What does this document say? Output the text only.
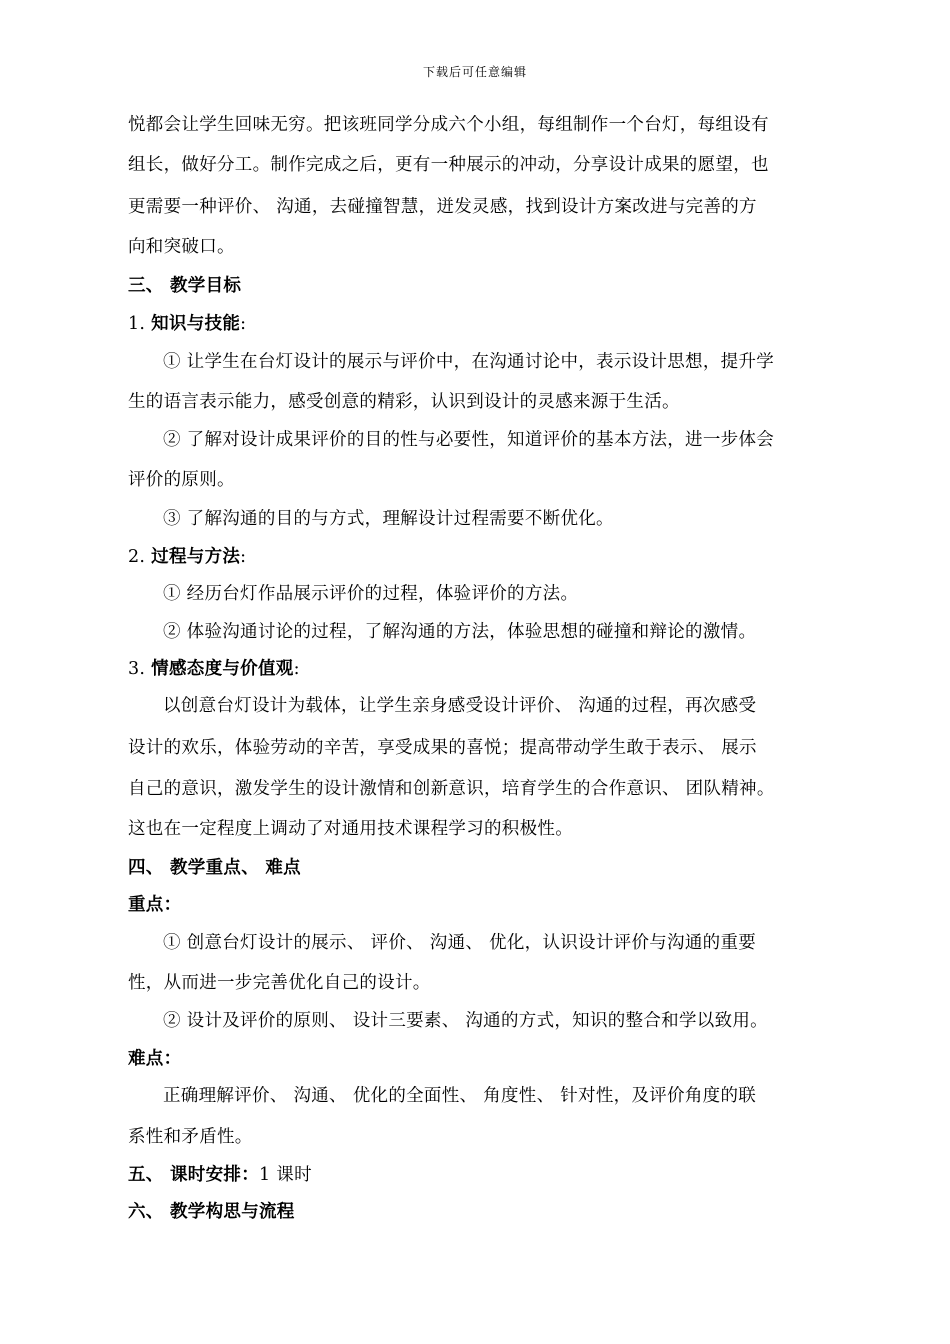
下载后可任意编辑
悦都会让学生回味无穷。把该班同学分成六个小组，每组制作一个台灯，每组设有
组长，做好分工。制作完成之后，更有一种展示的冲动，分享设计成果的愿望，也
更需要一种评价、 沟通，去碰撞智慧，迸发灵感，找到设计方案改进与完善的方
向和突破口。
三、 教学目标
1. 知识与技能:
① 让学生在台灯设计的展示与评价中，在沟通讨论中，表示设计思想，提升学
生的语言表示能力，感受创意的精彩，认识到设计的灵感来源于生活。
② 了解对设计成果评价的目的性与必要性，知道评价的基本方法，进一步体会
评价的原则。
③ 了解沟通的目的与方式，理解设计过程需要不断优化。
2. 过程与方法:
① 经历台灯作品展示评价的过程，体验评价的方法。
② 体验沟通讨论的过程，了解沟通的方法，体验思想的碰撞和辩论的激情。
3. 情感态度与价值观:
以创意台灯设计为载体，让学生亲身感受设计评价、 沟通的过程，再次感受
设计的欢乐，体验劳动的辛苦，享受成果的喜悦；提高带动学生敢于表示、 展示
自己的意识，激发学生的设计激情和创新意识，培育学生的合作意识、 团队精神。
这也在一定程度上调动了对通用技术课程学习的积极性。
四、 教学重点、 难点
重点：
① 创意台灯设计的展示、 评价、 沟通、 优化，认识设计评价与沟通的重要
性，从而进一步完善优化自己的设计。
② 设计及评价的原则、 设计三要素、 沟通的方式，知识的整合和学以致用。
难点：
正确理解评价、 沟通、 优化的全面性、 角度性、 针对性，及评价角度的联
系性和矛盾性。
五、 课时安排：1 课时
六、 教学构思与流程
